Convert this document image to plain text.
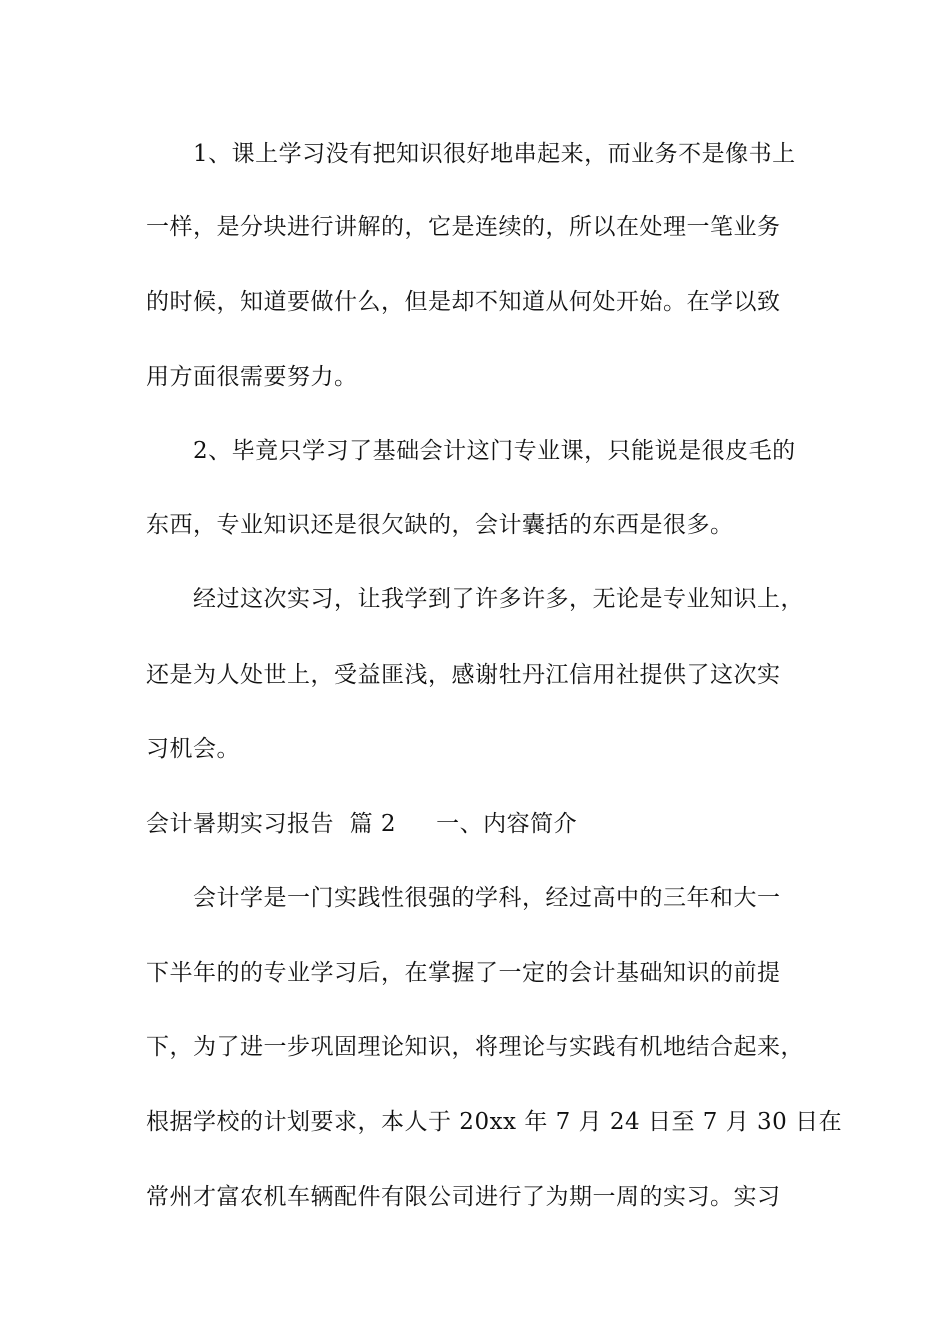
1、课上学习没有把知识很好地串起来，而业务不是像书上
一样，是分块进行讲解的，它是连续的，所以在处理一笔业务
的时候，知道要做什么，但是却不知道从何处开始。在学以致
用方面很需要努力。
2、毕竟只学习了基础会计这门专业课，只能说是很皮毛的
东西，专业知识还是很欠缺的，会计囊括的东西是很多。
经过这次实习，让我学到了许多许多，无论是专业知识上，
还是为人处世上，受益匪浅，感谢牡丹江信用社提供了这次实
习机会。
会计暑期实习报告  篇 2 一、内容简介
会计学是一门实践性很强的学科，经过高中的三年和大一
下半年的的专业学习后，在掌握了一定的会计基础知识的前提
下，为了进一步巩固理论知识，将理论与实践有机地结合起来，
根据学校的计划要求，本人于 20xx 年 7 月 24 日至 7 月 30 日在
常州才富农机车辆配件有限公司进行了为期一周的实习。实习
